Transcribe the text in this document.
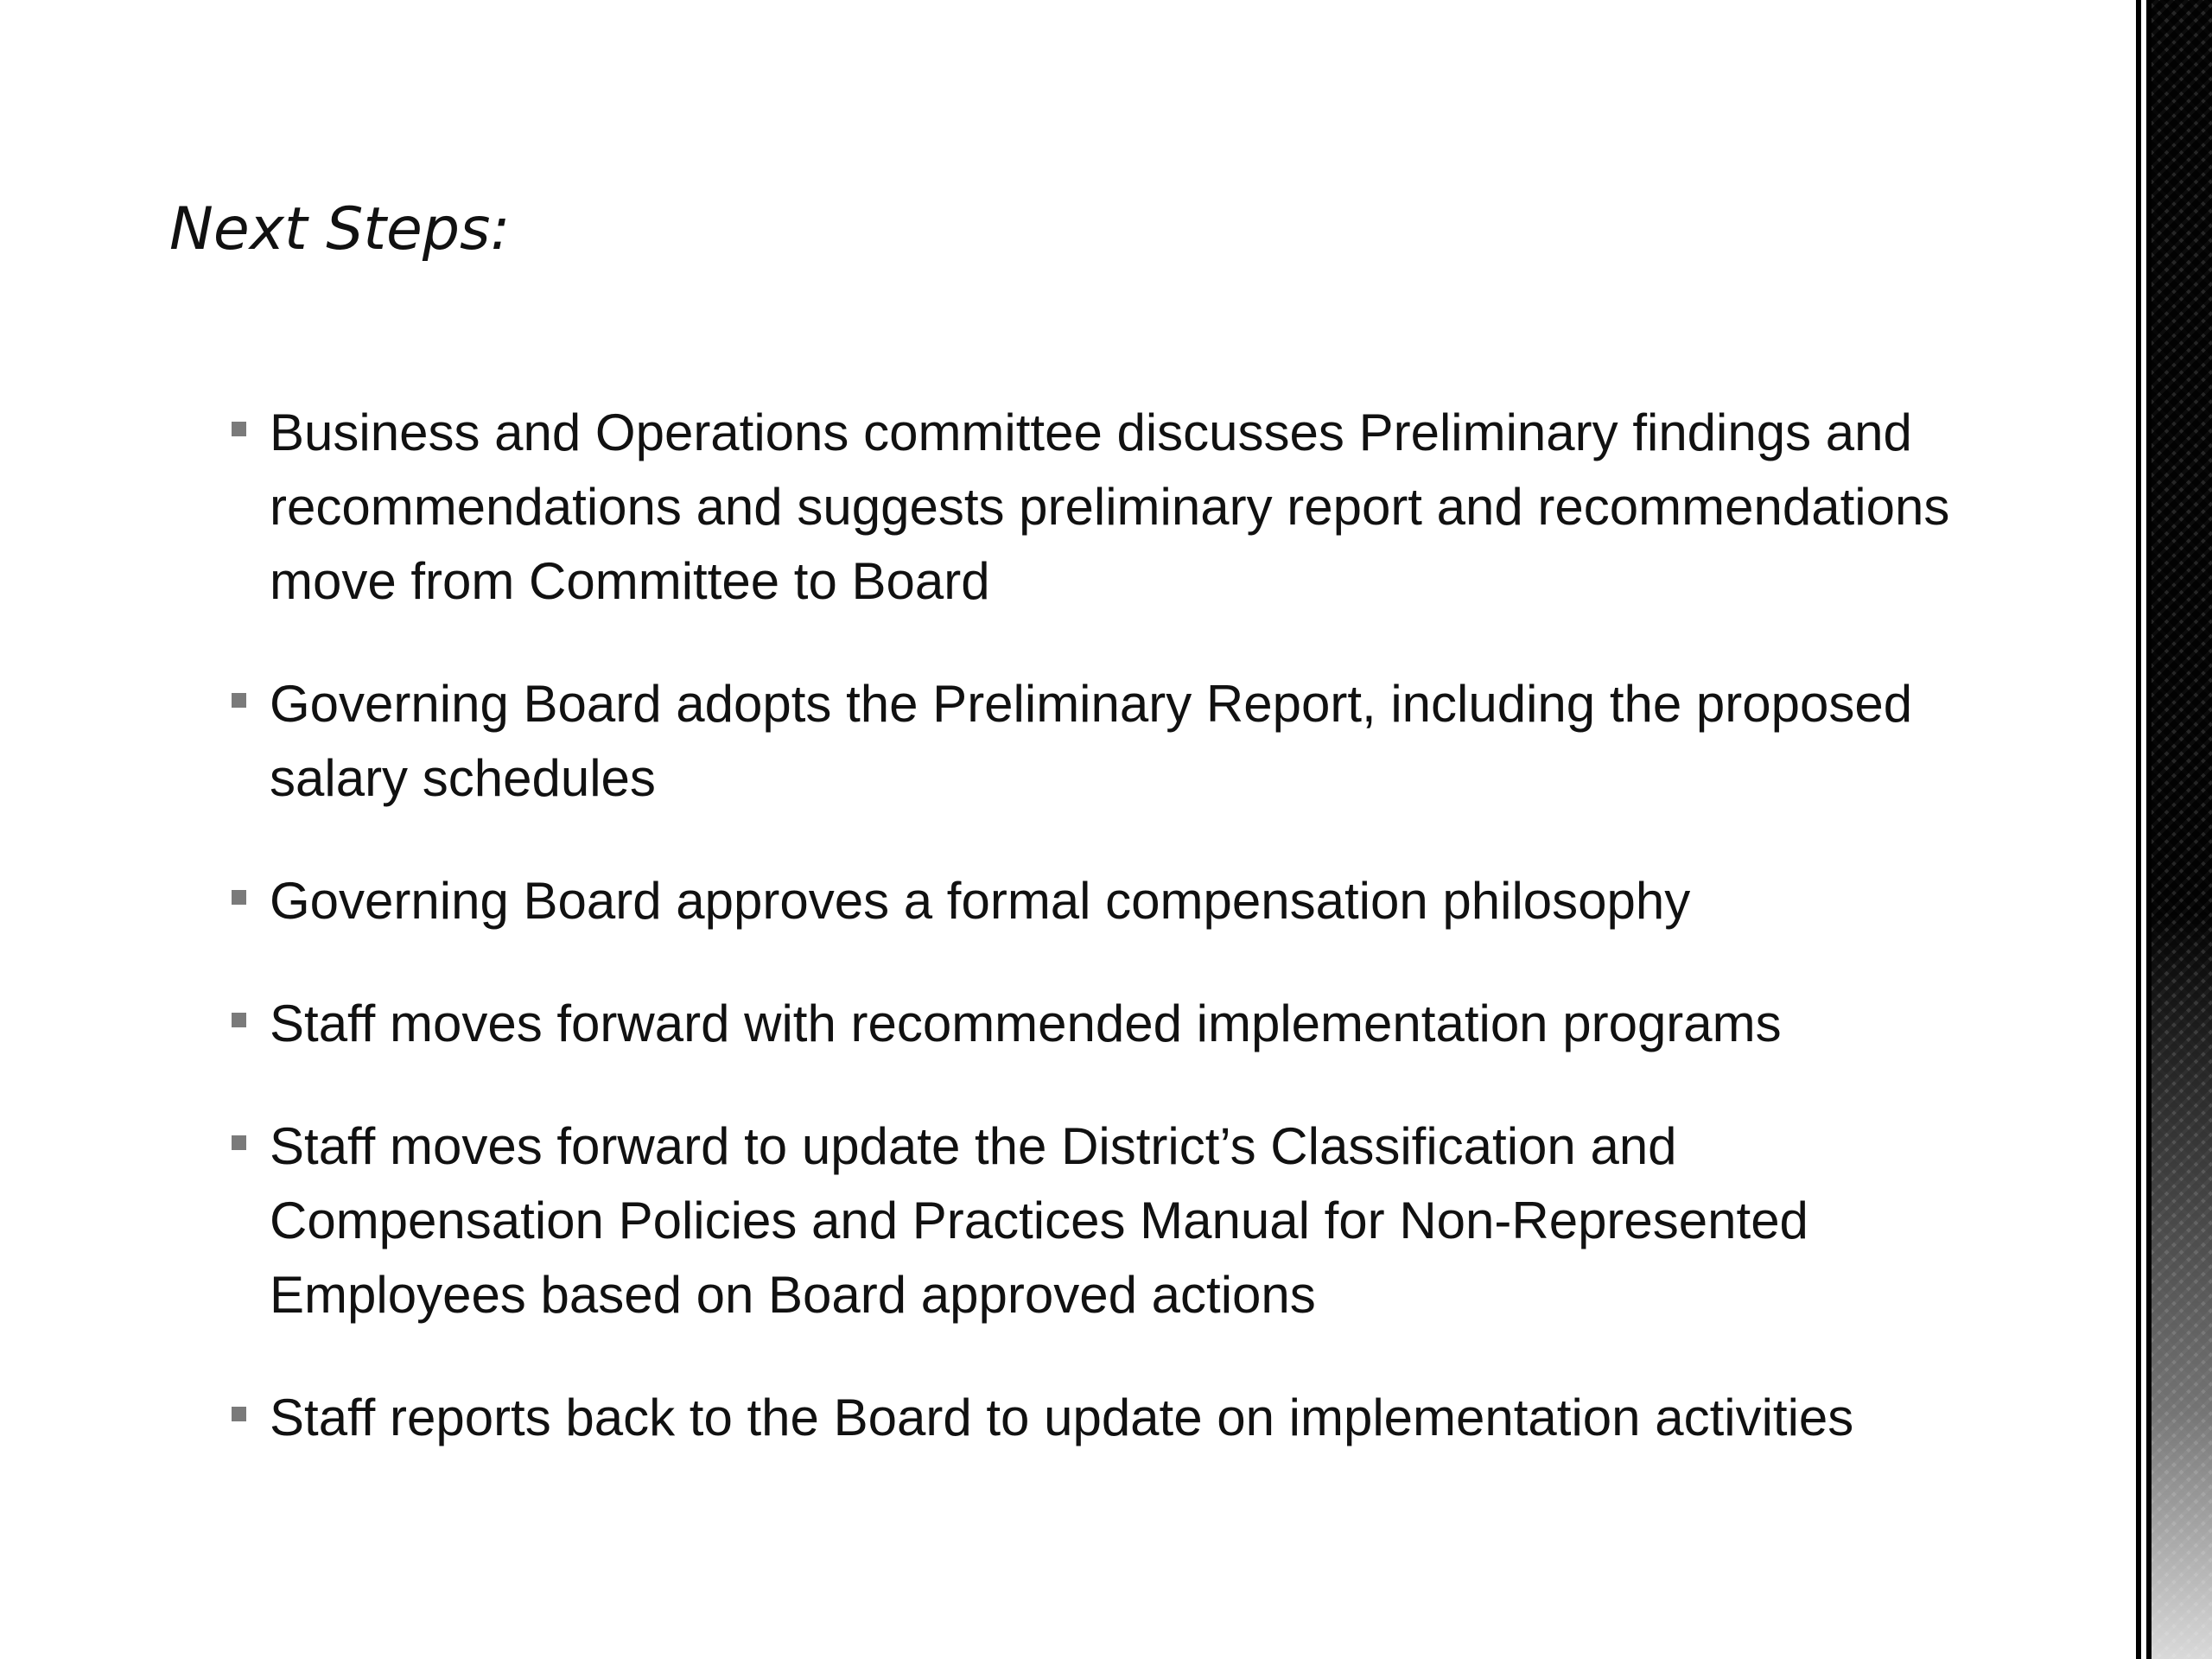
Next Steps:
Business and Operations committee discusses Preliminary findings and recommendations and suggests preliminary report and recommendations move from Committee to Board
Governing Board adopts the Preliminary Report, including the proposed salary schedules
Governing Board approves a formal compensation philosophy
Staff moves forward with recommended implementation programs
Staff moves forward to update the District’s Classification and Compensation Policies and Practices Manual for Non-Represented Employees based on Board approved actions
Staff reports back to the Board to update on implementation activities
